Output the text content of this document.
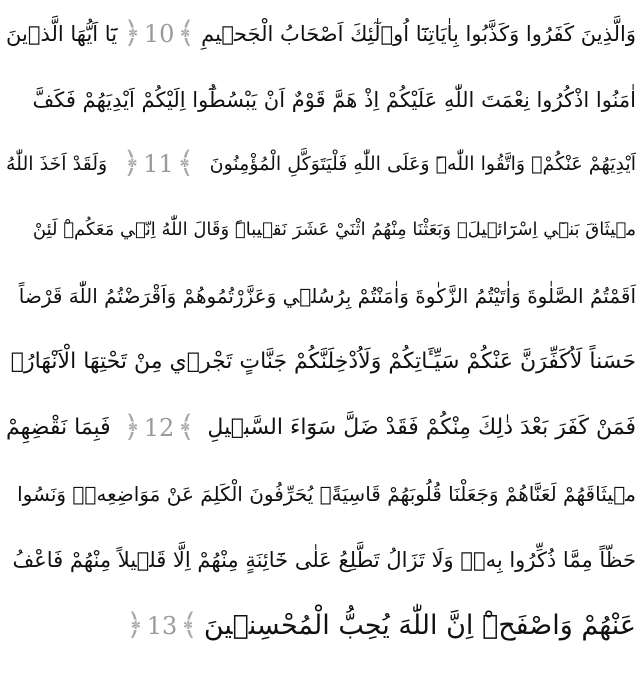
وَالَّذِينَ كَفَرُوا وَكَذَّبُوا بِاٰيَاتِنَٓا اُو۬لٰٓئِكَ اَصْحَابُ الْجَح۪يمِ
﴿ 10 ﴾
يَٓا اَيُّهَا الَّذ۪ينَ
اٰمَنُوا اذْكُرُوا نِعْمَتَ اللّٰهِ عَلَيْكُمْ اِذْ هَمَّ قَوْمٌ اَنْ يَبْسُطُٓوا اِلَيْكُمْ اَيْدِيَهُمْ فَكَفَّ
اَيْدِيَهُمْ عَنْكُمْۚ وَاتَّقُوا اللّٰهَۜ وَعَلَى اللّٰهِ فَلْيَتَوَكَّلِ الْمُؤْمِنُونَ
﴿ 11 ﴾
وَلَقَدْ اَخَذَ اللّٰهُ
م۪يثَاقَ بَن۪ٓي اِسْرَٓائ۪يلَۚ وَبَعَثْنَا مِنْهُمُ اثْنَيْ عَشَرَ نَق۪يباًۜ وَقَالَ اللّٰهُ اِنّ۪ي مَعَكُمْۜ لَئِنْ
اَقَمْتُمُ الصَّلٰوةَ وَاٰتَيْتُمُ الزَّكٰوةَ وَاٰمَنْتُمْ بِرُسُل۪ي وَعَزَّرْتُمُوهُمْ وَاَقْرَضْتُمُ اللّٰهَ قَرْضاً
حَسَناً لَاُكَفِّرَنَّ عَنْكُمْ سَيِّـَٔاتِكُمْ وَلَاُدْخِلَنَّكُمْ جَنَّاتٍ تَجْر۪ي مِنْ تَحْتِهَا الْاَنْهَارُۚ
فَمَنْ كَفَرَ بَعْدَ ذٰلِكَ مِنْكُمْ فَقَدْ ضَلَّ سَوَٓاءَ السَّب۪يلِ
﴿ 12 ﴾
فَبِمَا نَقْضِهِمْ
م۪يثَاقَهُمْ لَعَنَّاهُمْ وَجَعَلْنَا قُلُوبَهُمْ قَاسِيَةًۚ يُحَرِّفُونَ الْكَلِمَ عَنْ مَوَاضِعِه۪ۙ وَنَسُوا
حَظّاً مِمَّا ذُكِّرُوا بِه۪ۚ وَلَا تَزَالُ تَطَّلِعُ عَلٰى خَٓائِنَةٍ مِنْهُمْ اِلَّا قَل۪يلاً مِنْهُمْ فَاعْفُ
عَنْهُمْ وَاصْفَحْۜ اِنَّ اللّٰهَ يُحِبُّ الْمُحْسِن۪ينَ
﴿ 13 ﴾
